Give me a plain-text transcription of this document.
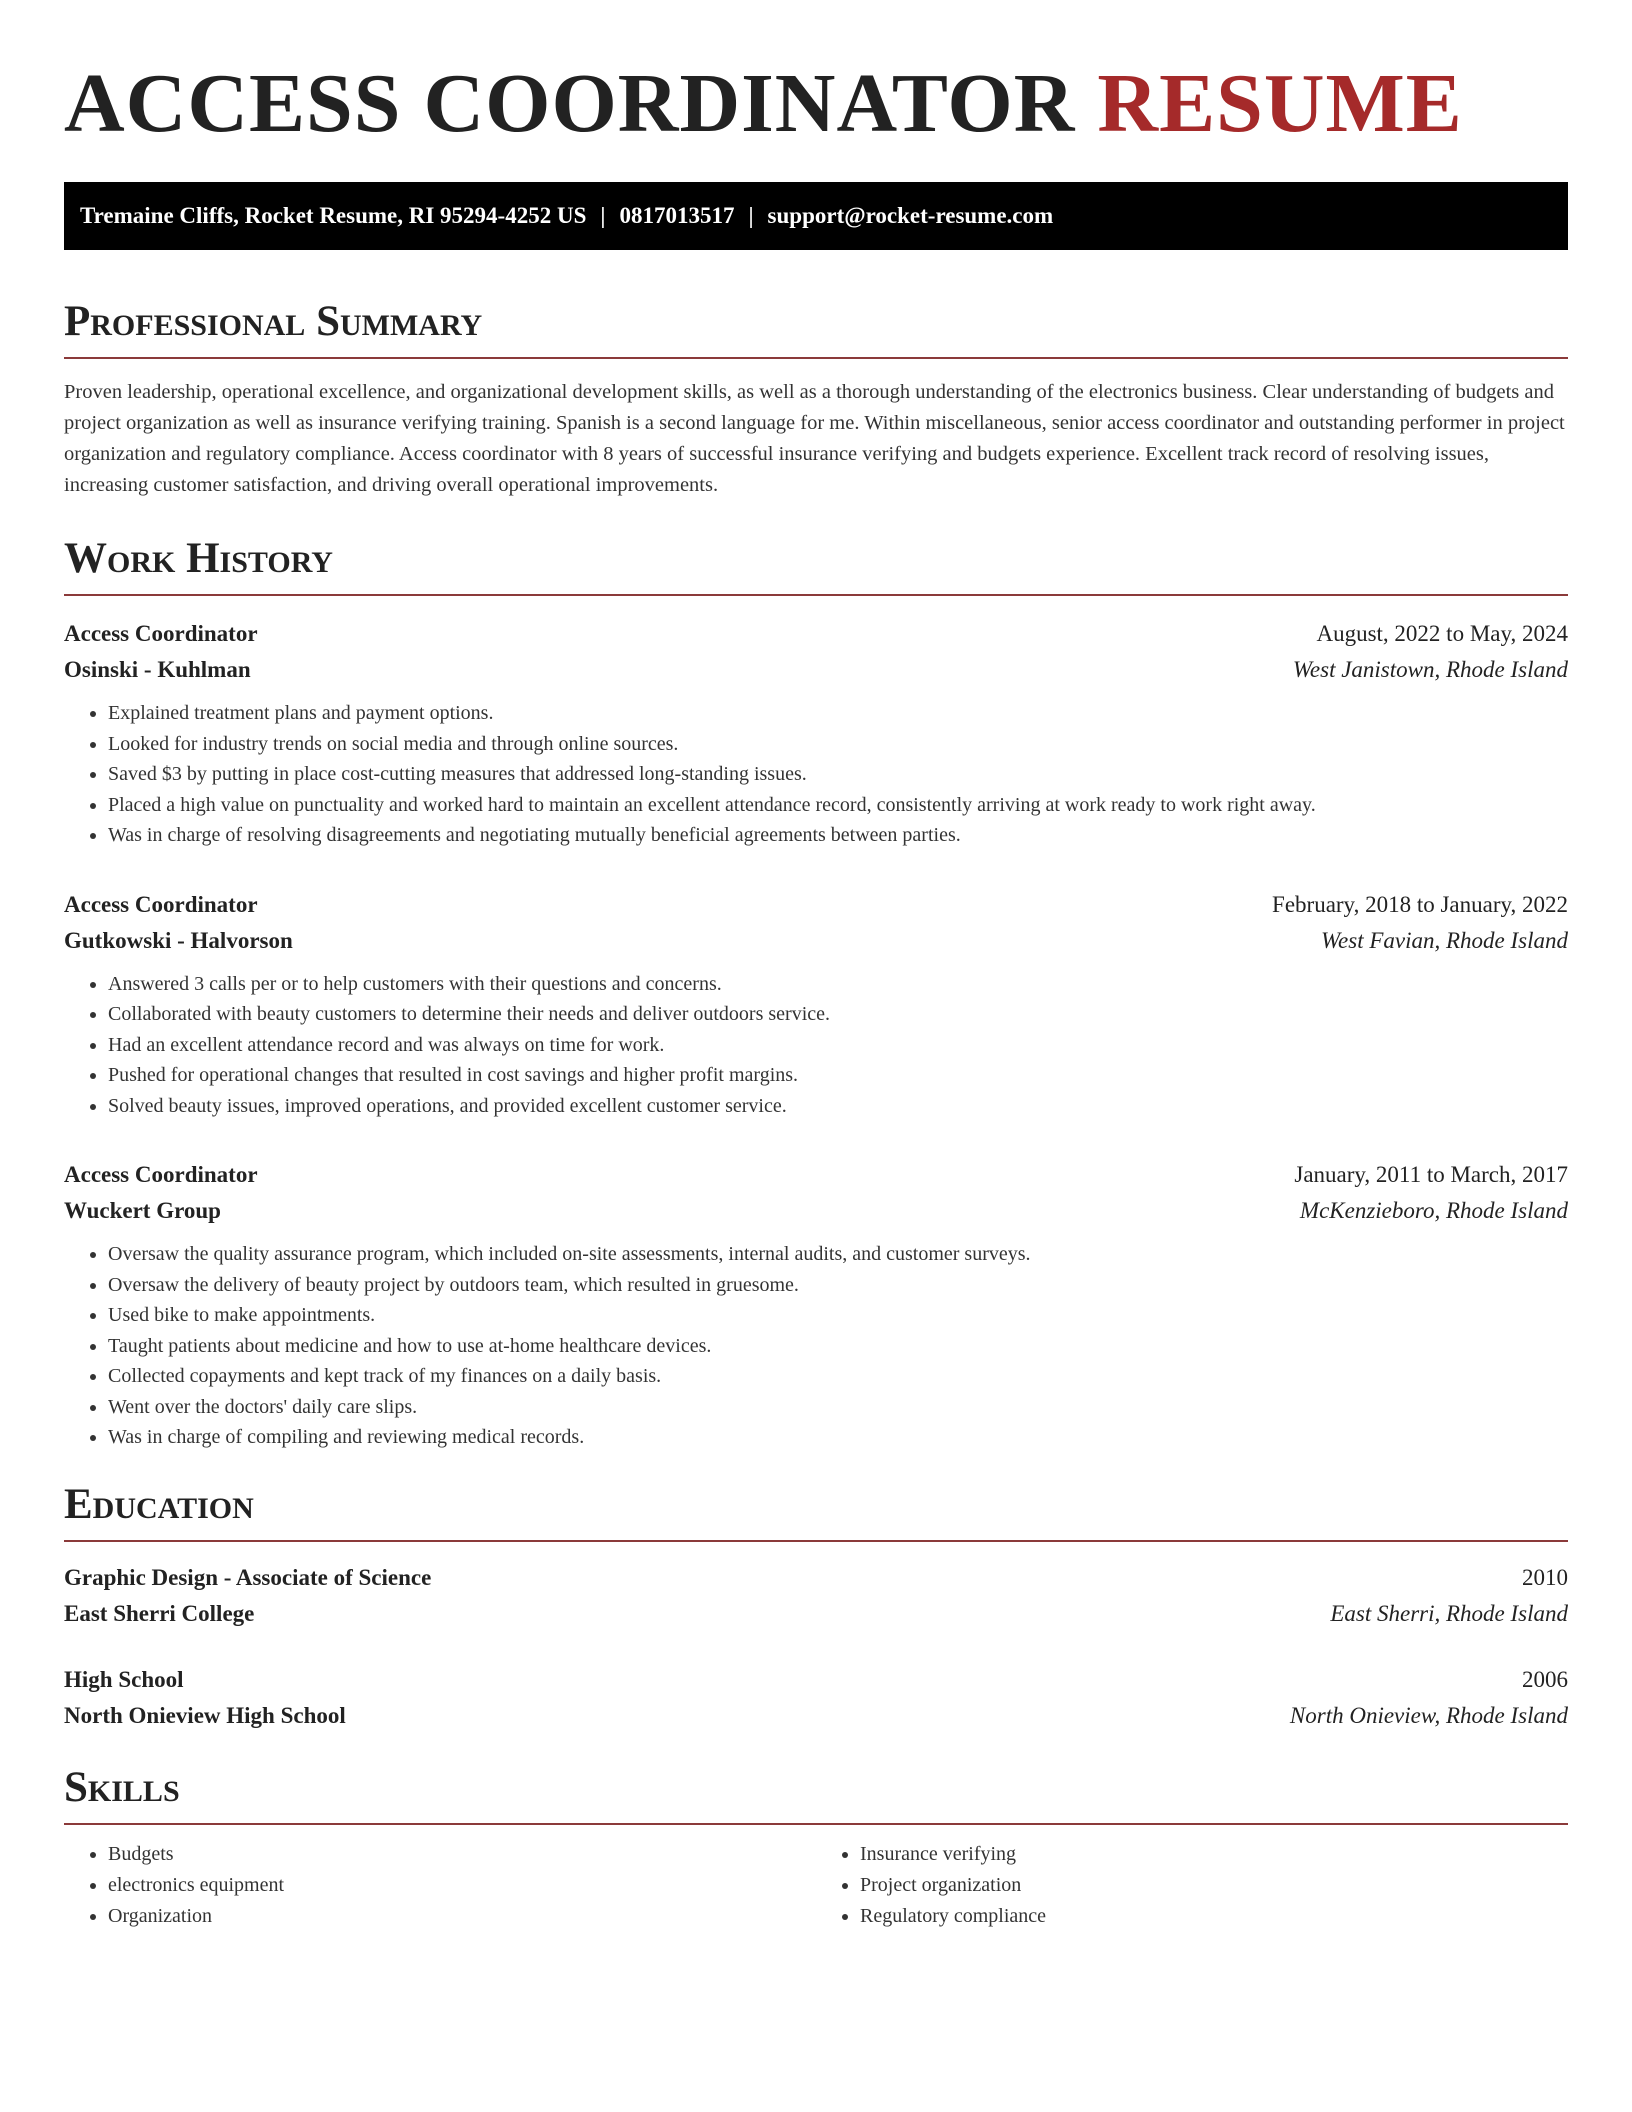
ACCESS COORDINATOR RESUME
Tremaine Cliffs, Rocket Resume, RI 95294-4252 US | 0817013517 | support@rocket-resume.com
Professional Summary

Proven leadership, operational excellence, and organizational development skills, as well as a thorough understanding of the electronics business. Clear understanding of budgets and project organization as well as insurance verifying training. Spanish is a second language for me. Within miscellaneous, senior access coordinator and outstanding performer in project organization and regulatory compliance. Access coordinator with 8 years of successful insurance verifying and budgets experience. Excellent track record of resolving issues, increasing customer satisfaction, and driving overall operational improvements.

Work History
Access Coordinator	August, 2022 to May, 2024
Osinski - Kuhlman	West Janistown, Rhode Island
• Explained treatment plans and payment options.
• Looked for industry trends on social media and through online sources.
• Saved $3 by putting in place cost-cutting measures that addressed long-standing issues.
• Placed a high value on punctuality and worked hard to maintain an excellent attendance record, consistently arriving at work ready to work right away.
• Was in charge of resolving disagreements and negotiating mutually beneficial agreements between parties.
Access Coordinator	February, 2018 to January, 2022
Gutkowski - Halvorson	West Favian, Rhode Island
• Answered 3 calls per or to help customers with their questions and concerns.
• Collaborated with beauty customers to determine their needs and deliver outdoors service.
• Had an excellent attendance record and was always on time for work.
• Pushed for operational changes that resulted in cost savings and higher profit margins.
• Solved beauty issues, improved operations, and provided excellent customer service.
Access Coordinator	January, 2011 to March, 2017
Wuckert Group	McKenzieboro, Rhode Island
• Oversaw the quality assurance program, which included on-site assessments, internal audits, and customer surveys.
• Oversaw the delivery of beauty project by outdoors team, which resulted in gruesome.
• Used bike to make appointments.
• Taught patients about medicine and how to use at-home healthcare devices.
• Collected copayments and kept track of my finances on a daily basis.
• Went over the doctors' daily care slips.
• Was in charge of compiling and reviewing medical records.
Education
Graphic Design - Associate of Science	2010
East Sherri College	East Sherri, Rhode Island
High School	2006
North Onieview High School	North Onieview, Rhode Island
Skills
• Budgets
• electronics equipment
• Organization
• Insurance verifying
• Project organization
• Regulatory compliance
